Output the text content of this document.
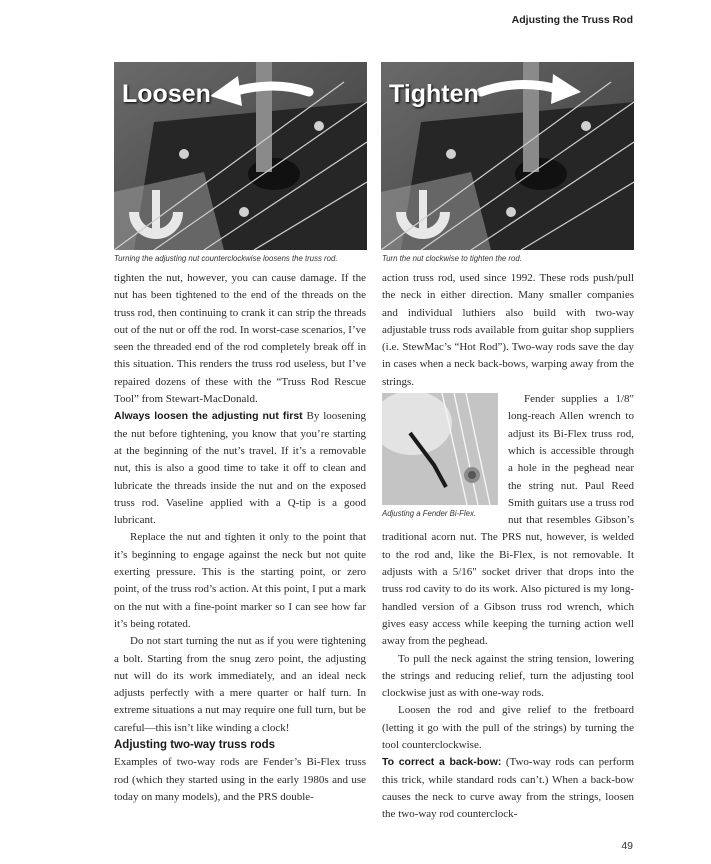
Adjusting the Truss Rod
Loosen	Tighten
Turning the adjusting nut counterclockwise loosens the truss rod.	Turn the nut clockwise to tighten the rod.

tighten the nut, however, you can cause damage. If the nut has been tightened to the end of the threads on the truss rod, then continuing to crank it can strip the threads out of the nut or off the rod. In worst-case scenarios, I’ve seen the threaded end of the rod completely break off in this situation. This renders the truss rod useless, but I’ve repaired dozens of these with the “Truss Rod Rescue Tool” from Stewart-MacDonald.

Always loosen the adjusting nut first By loosening the nut before tightening, you know that you’re starting at the beginning of the nut’s travel. If it’s a removable nut, this is also a good time to take it off to clean and lubricate the threads inside the nut and on the exposed truss rod. Vaseline applied with a Q-tip is a good lubricant.

Replace the nut and tighten it only to the point that it’s beginning to engage against the neck but not quite exerting pressure. This is the starting point, or zero point, of the truss rod’s action. At this point, I put a mark on the nut with a fine-point marker so I can see how far it’s being rotated.

Do not start turning the nut as if you were tightening a bolt. Starting from the snug zero point, the adjusting nut will do its work immediately, and an ideal neck adjusts perfectly with a mere quarter or half turn. In extreme situations a nut may require one full turn, but be careful—this isn’t like winding a clock!

Adjusting two-way truss rods

Examples of two-way rods are Fender’s Bi-Flex truss rod (which they started using in the early 1980s and use today on many models), and the PRS double-

action truss rod, used since 1992. These rods push/pull the neck in either direction. Many smaller companies and individual luthiers also build with two-way adjustable truss rods available from guitar shop suppliers (i.e. StewMac’s “Hot Rod”). Two-way rods save the day in cases when a neck back-bows, warping away from the strings.

Adjusting a Fender Bi-Flex.

Fender supplies a 1/8" long-reach Allen wrench to adjust its Bi-Flex truss rod, which is accessible through a hole in the peghead near the string nut. Paul Reed Smith guitars use a truss rod nut that resembles Gibson’s traditional acorn nut. The PRS nut, however, is welded to the rod and, like the Bi-Flex, is not removable. It adjusts with a 5/16" socket driver that drops into the truss rod cavity to do its work. Also pictured is my long-handled version of a Gibson truss rod wrench, which gives easy access while keeping the turning action well away from the peghead.

To pull the neck against the string tension, lowering the strings and reducing relief, turn the adjusting tool clockwise just as with one-way rods.

Loosen the rod and give relief to the fretboard (letting it go with the pull of the strings) by turning the tool counterclockwise.

To correct a back-bow: (Two-way rods can perform this trick, while standard rods can’t.) When a back-bow causes the neck to curve away from the strings, loosen the two-way rod counterclock-

49
